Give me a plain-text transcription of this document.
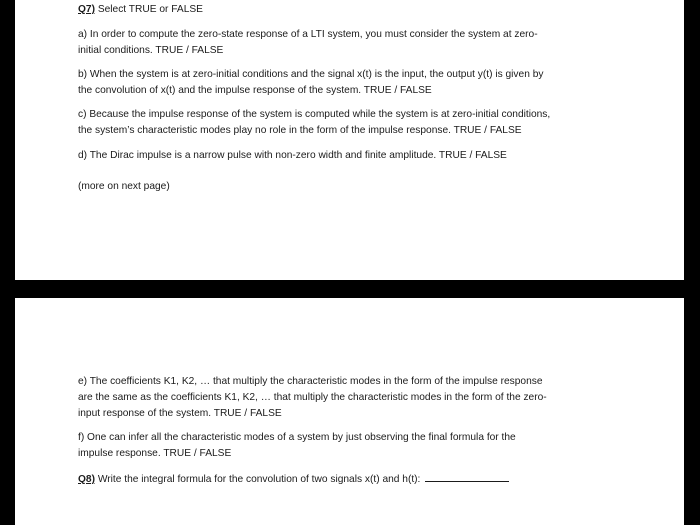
Q7) Select TRUE or FALSE

a) In order to compute the zero-state response of a LTI system, you must consider the system at zero-
initial conditions. TRUE / FALSE

b) When the system is at zero-initial conditions and the signal x(t) is the input, the output y(t) is given by
the convolution of x(t) and the impulse response of the system. TRUE / FALSE

c) Because the impulse response of the system is computed while the system is at zero-initial conditions,
the system’s characteristic modes play no role in the form of the impulse response. TRUE / FALSE

d) The Dirac impulse is a narrow pulse with non-zero width and finite amplitude. TRUE / FALSE

(more on next page)

e) The coefficients K1, K2, … that multiply the characteristic modes in the form of the impulse response
are the same as the coefficients K1, K2, … that multiply the characteristic modes in the form of the zero-
input response of the system. TRUE / FALSE

f) One can infer all the characteristic modes of a system by just observing the final formula for the
impulse response. TRUE / FALSE

Q8) Write the integral formula for the convolution of two signals x(t) and h(t):
